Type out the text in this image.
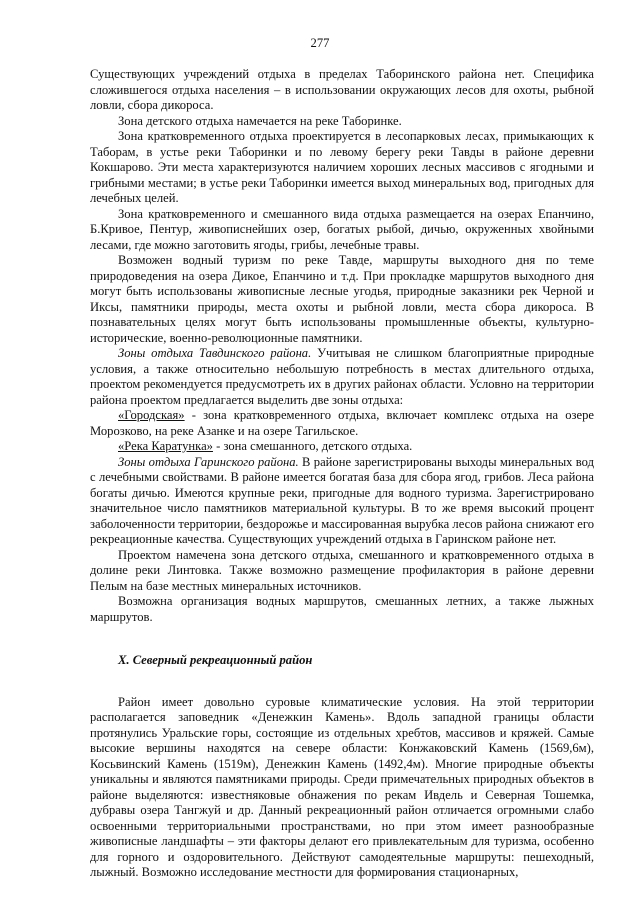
277

Существующих учреждений отдыха в пределах Таборинского района нет. Специфика сложившегося отдыха населения – в использовании окружающих лесов для охоты, рыбной ловли, сбора дикороса.

Зона детского отдыха намечается на реке Таборинке.

Зона кратковременного отдыха проектируется в лесопарковых лесах, примыкающих к Таборам, в устье реки Таборинки и по левому берегу реки Тавды в районе деревни Кокшарово. Эти места характеризуются наличием хороших лесных массивов с ягодными и грибными местами; в устье реки Таборинки имеется выход минеральных вод, пригодных для лечебных целей.

Зона кратковременного и смешанного вида отдыха размещается на озерах Епанчино, Б.Кривое, Пентур, живописнейших озер, богатых рыбой, дичью, окруженных хвойными лесами, где можно заготовить ягоды, грибы, лечебные травы.

Возможен водный туризм по реке Тавде, маршруты выходного дня по теме природоведения на озера Дикое, Епанчино и т.д. При прокладке маршрутов выходного дня могут быть использованы живописные лесные угодья, природные заказники рек Черной и Иксы, памятники природы, места охоты и рыбной ловли, места сбора дикороса. В познавательных целях могут быть использованы промышленные объекты, культурно-исторические, военно-революционные памятники.

Зоны отдыха Тавдинского района. Учитывая не слишком благоприятные природные условия, а также относительно небольшую потребность в местах длительного отдыха, проектом рекомендуется предусмотреть их в других районах области. Условно на территории района проектом предлагается выделить две зоны отдыха:

«Городская» - зона кратковременного отдыха, включает комплекс отдыха на озере Морозково, на реке Азанке и на озере Тагильское.

«Река Каратунка» - зона смешанного, детского отдыха.

Зоны отдыха Гаринского района. В районе зарегистрированы выходы минеральных вод с лечебными свойствами. В районе имеется богатая база для сбора ягод, грибов. Леса района богаты дичью. Имеются крупные реки, пригодные для водного туризма. Зарегистрировано значительное число памятников материальной культуры. В то же время высокий процент заболоченности территории, бездорожье и массированная вырубка лесов района снижают его рекреационные качества. Существующих учреждений отдыха в Гаринском районе нет.

Проектом намечена зона детского отдыха, смешанного и кратковременного отдыха в долине реки Линтовка. Также возможно размещение профилактория в районе деревни Пелым на базе местных минеральных источников.

Возможна организация водных маршрутов, смешанных летних, а также лыжных маршрутов.

X. Северный рекреационный район

Район имеет довольно суровые климатические условия. На этой территории располагается заповедник «Денежкин Камень». Вдоль западной границы области протянулись Уральские горы, состоящие из отдельных хребтов, массивов и кряжей. Самые высокие вершины находятся на севере области: Конжаковский Камень (1569,6м), Косьвинский Камень (1519м), Денежкин Камень (1492,4м). Многие природные объекты уникальны и являются памятниками природы. Среди примечательных природных объектов в районе выделяются: известняковые обнажения по рекам Ивдель и Северная Тошемка, дубравы озера Тангжуй и др. Данный рекреационный район отличается огромными слабо освоенными территориальными пространствами, но при этом имеет разнообразные живописные ландшафты – эти факторы делают его привлекательным для туризма, особенно для горного и оздоровительного. Действуют самодеятельные маршруты: пешеходный, лыжный. Возможно исследование местности для формирования стационарных,
